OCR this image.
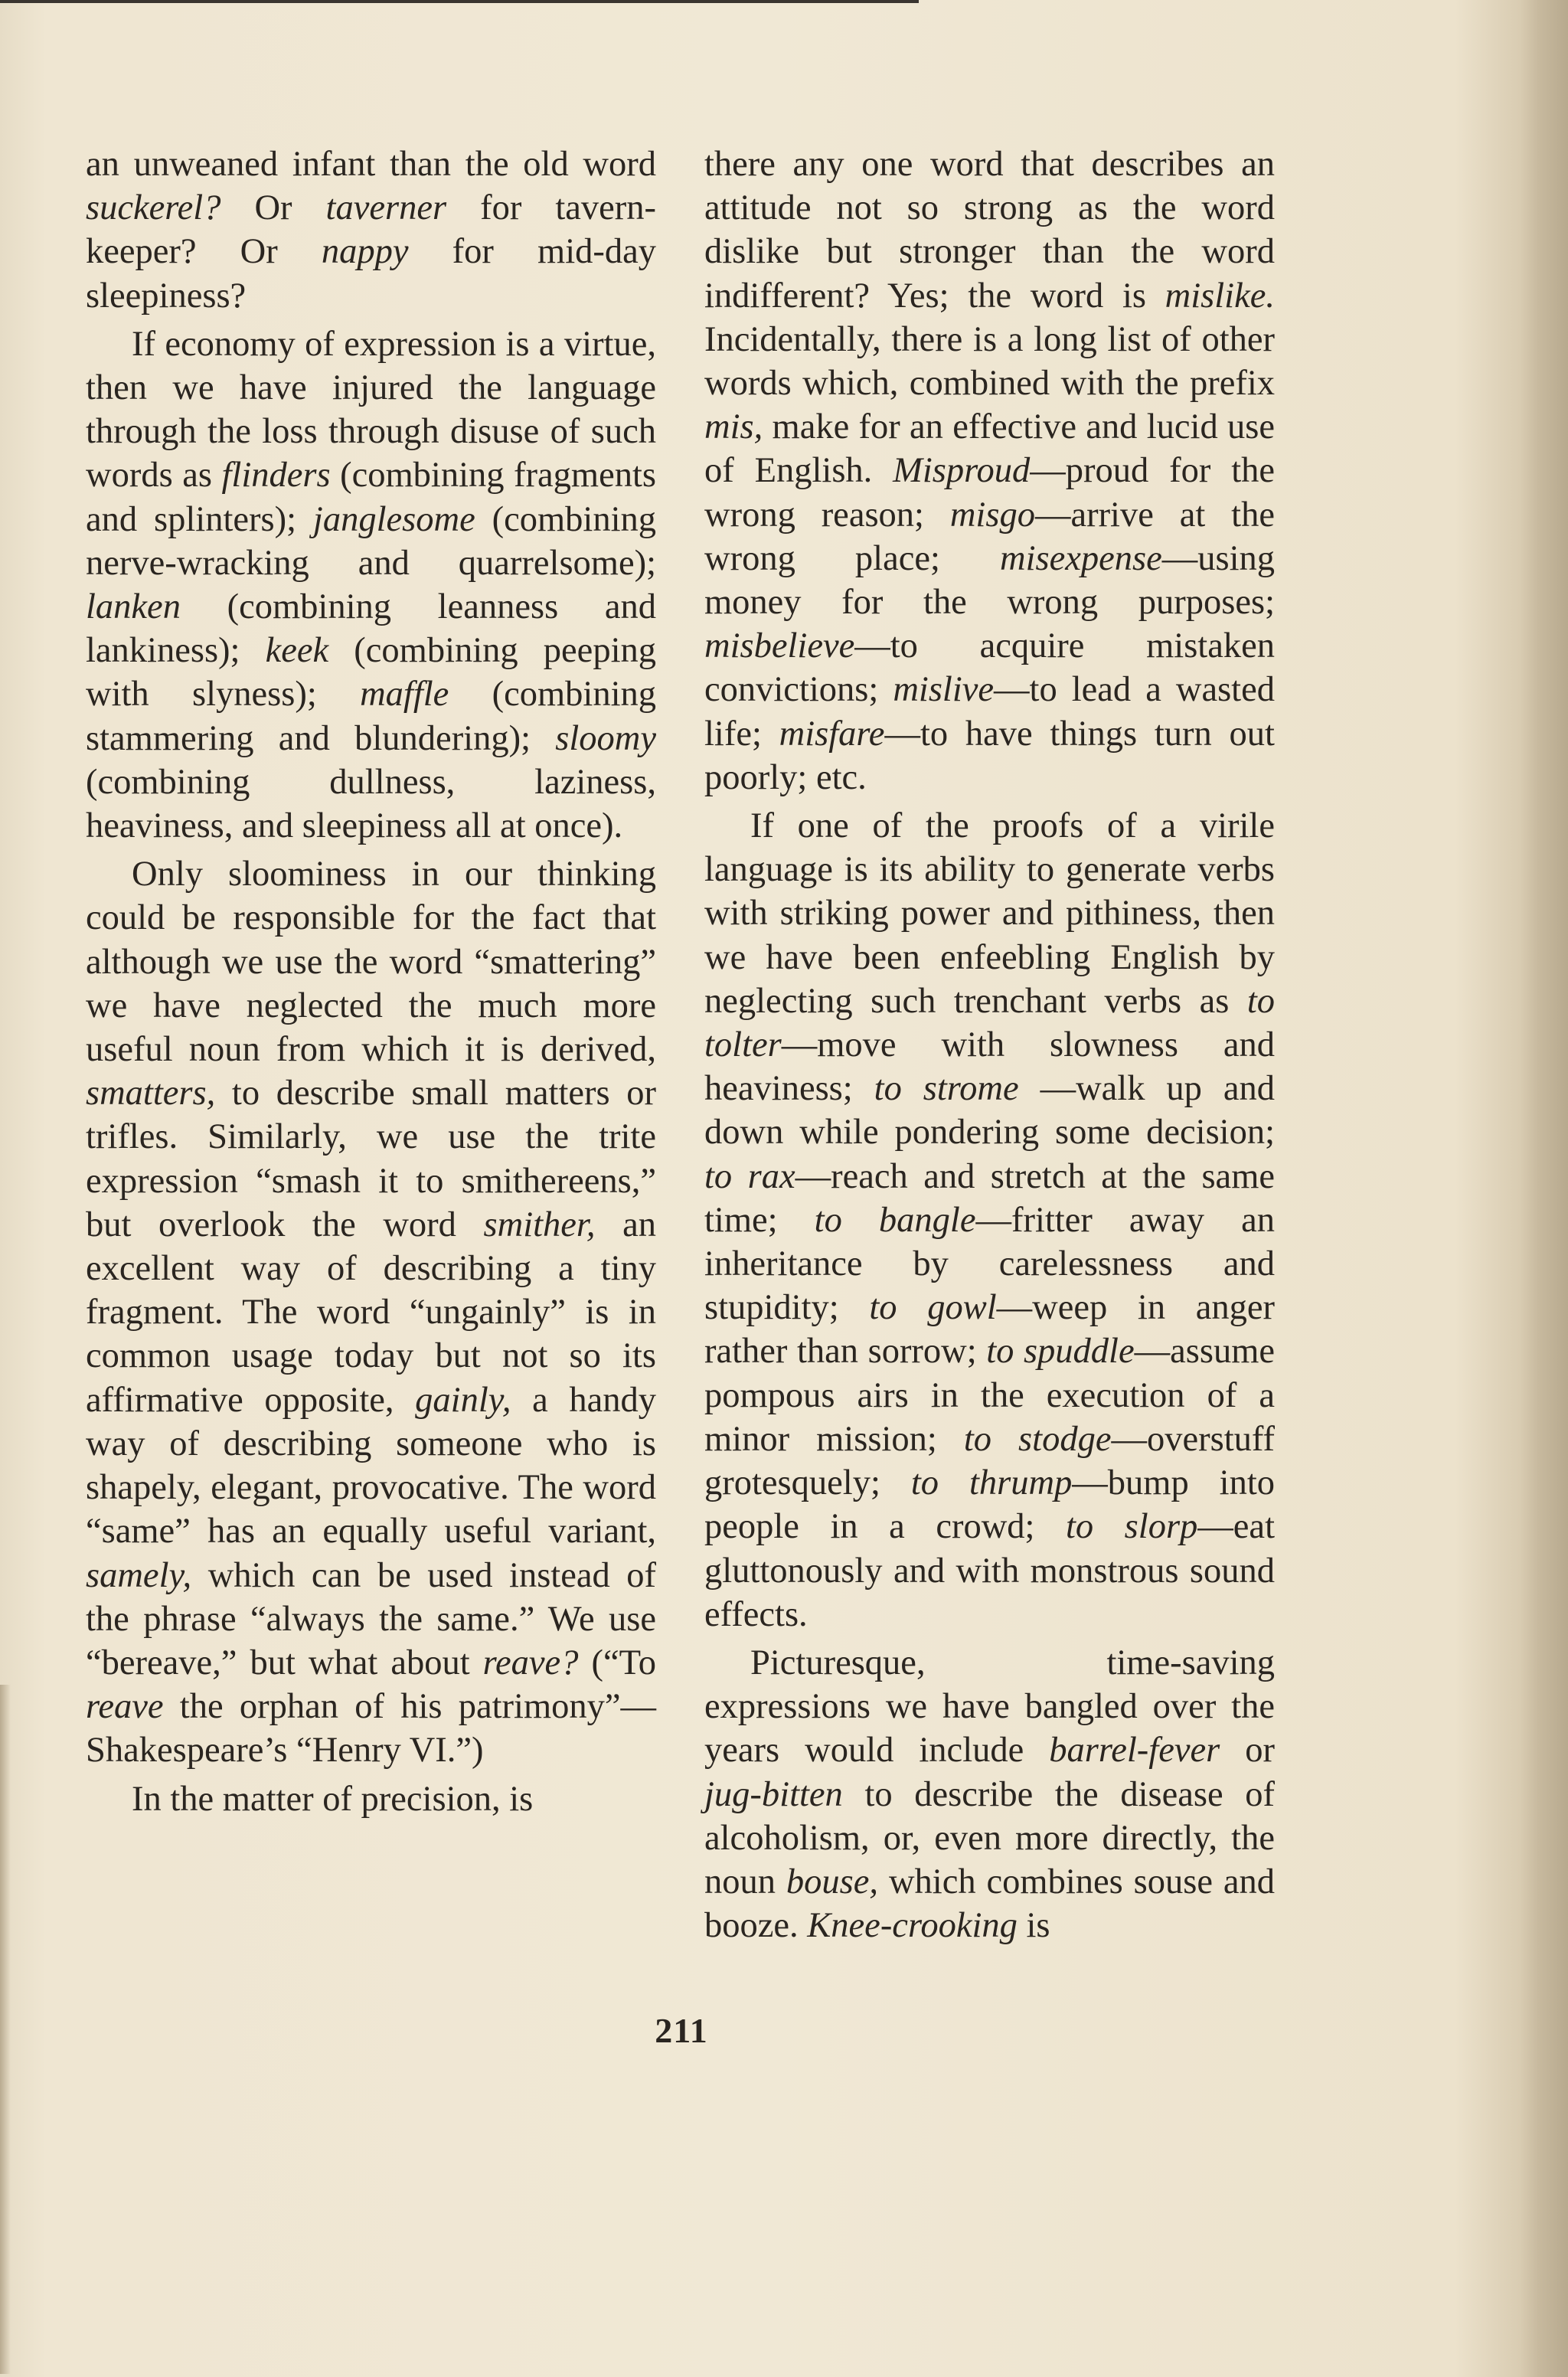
an unweaned infant than the old word suckerel? Or taverner for tavern-keeper? Or nappy for mid-day sleepiness?

If economy of expression is a virtue, then we have injured the language through the loss through disuse of such words as flinders (combining fragments and splinters); janglesome (combining nerve-wracking and quarrelsome); lanken (combining leanness and lankiness); keek (combining peeping with slyness); maffle (combining stammering and blundering); sloomy (combining dullness, laziness, heaviness, and sleepiness all at once).

Only sloominess in our thinking could be responsible for the fact that although we use the word “smattering” we have neglected the much more useful noun from which it is derived, smatters, to describe small matters or trifles. Similarly, we use the trite expression “smash it to smithereens,” but overlook the word smither, an excellent way of describing a tiny fragment. The word “ungainly” is in common usage today but not so its affirmative opposite, gainly, a handy way of describing someone who is shapely, elegant, provocative. The word “same” has an equally useful variant, samely, which can be used instead of the phrase “always the same.” We use “bereave,” but what about reave? (“To reave the orphan of his patrimony”—Shakespeare’s “Henry VI.”)

In the matter of precision, is

there any one word that describes an attitude not so strong as the word dislike but stronger than the word indifferent? Yes; the word is mislike. Incidentally, there is a long list of other words which, combined with the prefix mis, make for an effective and lucid use of English. Misproud—proud for the wrong reason; misgo—arrive at the wrong place; misexpense—using money for the wrong purposes; misbelieve—to acquire mistaken convictions; mislive—to lead a wasted life; misfare—to have things turn out poorly; etc.

If one of the proofs of a virile language is its ability to generate verbs with striking power and pithiness, then we have been enfeebling English by neglecting such trenchant verbs as to tolter—move with slowness and heaviness; to strome —walk up and down while pondering some decision; to rax—reach and stretch at the same time; to bangle—fritter away an inheritance by carelessness and stupidity; to gowl—weep in anger rather than sorrow; to spuddle—assume pompous airs in the execution of a minor mission; to stodge—overstuff grotesquely; to thrump—bump into people in a crowd; to slorp—eat gluttonously and with monstrous sound effects.

Picturesque, time-saving expressions we have bangled over the years would include barrel-fever or jug-bitten to describe the disease of alcoholism, or, even more directly, the noun bouse, which combines souse and booze. Knee-crooking is

211
